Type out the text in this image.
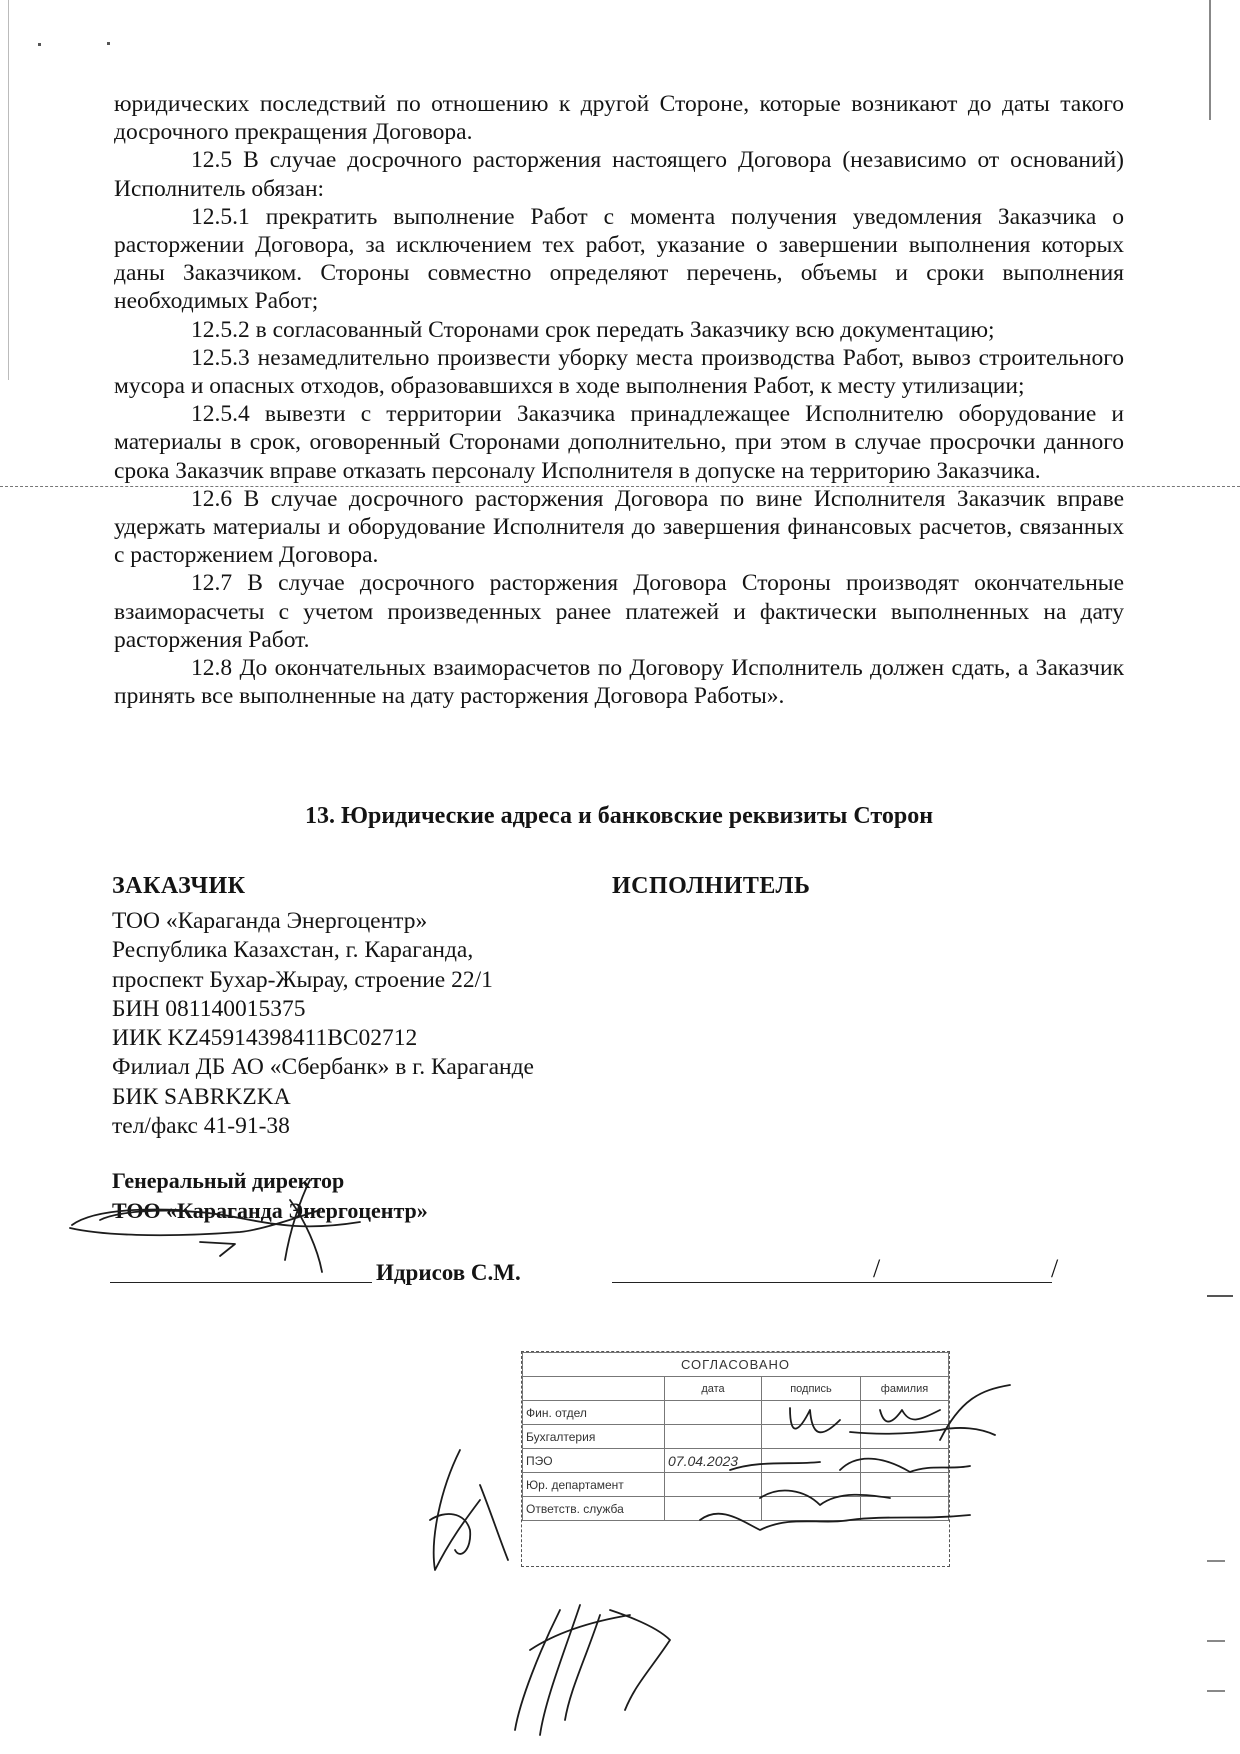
юридических последствий по отношению к другой Стороне, которые возникают до даты такого досрочного прекращения Договора.

12.5 В случае досрочного расторжения настоящего Договора (независимо от оснований) Исполнитель обязан:

12.5.1 прекратить выполнение Работ с момента получения уведомления Заказчика о расторжении Договора, за исключением тех работ, указание о завершении выполнения которых даны Заказчиком. Стороны совместно определяют перечень, объемы и сроки выполнения необходимых Работ;

12.5.2 в согласованный Сторонами срок передать Заказчику всю документацию;

12.5.3 незамедлительно произвести уборку места производства Работ, вывоз строительного мусора и опасных отходов, образовавшихся в ходе выполнения Работ, к месту утилизации;

12.5.4 вывезти с территории Заказчика принадлежащее Исполнителю оборудование и материалы в срок, оговоренный Сторонами дополнительно, при этом в случае просрочки данного срока Заказчик вправе отказать персоналу Исполнителя в допуске на территорию Заказчика.

12.6 В случае досрочного расторжения Договора по вине Исполнителя Заказчик вправе удержать материалы и оборудование Исполнителя до завершения финансовых расчетов, связанных с расторжением Договора.

12.7 В случае досрочного расторжения Договора Стороны производят окончательные взаиморасчеты с учетом произведенных ранее платежей и фактически выполненных на дату расторжения Работ.

12.8 До окончательных взаиморасчетов по Договору Исполнитель должен сдать, а Заказчик принять все выполненные на дату расторжения Договора Работы».

13. Юридические адреса и банковские реквизиты Сторон
ЗАКАЗЧИК	ИСПОЛНИТЕЛЬ
ТОО «Караганда Энергоцентр»
Республика Казахстан, г. Караганда,
проспект Бухар-Жырау, строение 22/1
БИН 081140015375
ИИК KZ45914398411BC02712
Филиал ДБ АО «Сбербанк» в г. Караганде
БИК SABRKZKA
тел/факс 41-91-38
Генеральный директор
ТОО «Караганда Энергоцентр»
Идрисов С.М.	/	/
СОГЛАСОВАНО			
	дата	подпись	фамилия
Фин. отдел			
Бухгалтерия			
ПЭО	07.04.2023		
Юр. департамент			
Ответств. служба			
